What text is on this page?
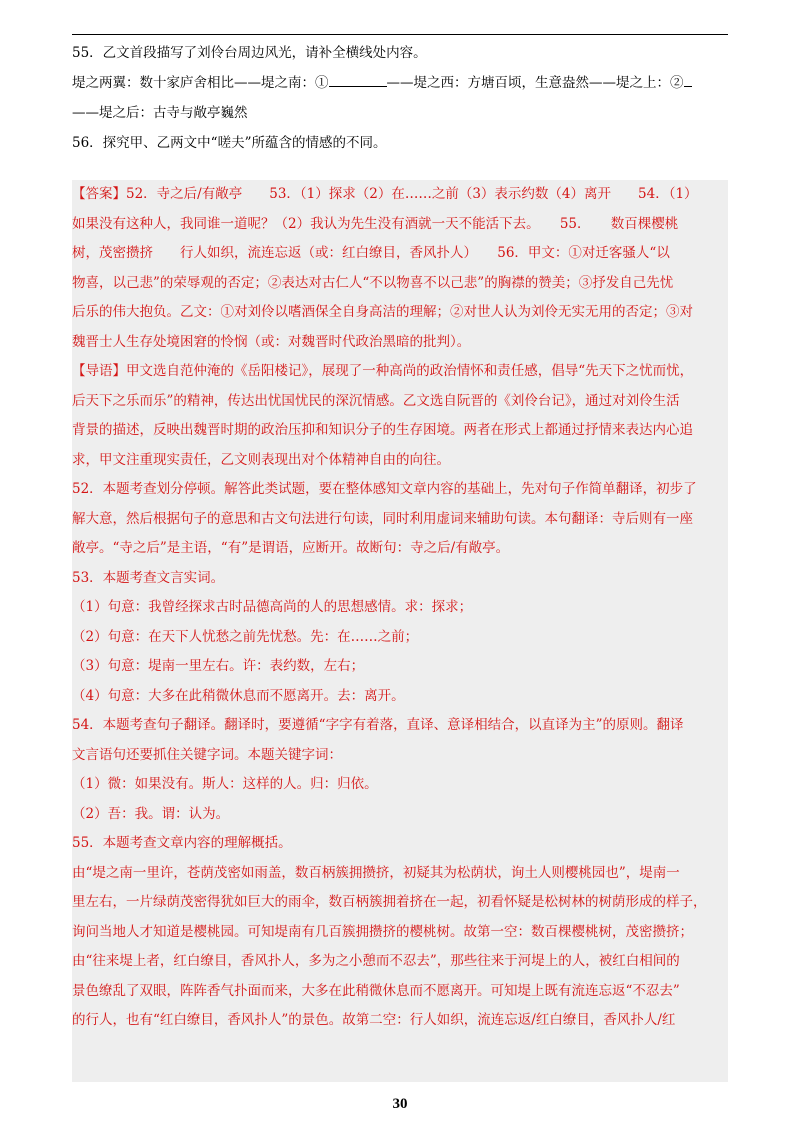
55．乙文首段描写了刘伶台周边风光，请补全横线处内容。

堤之两翼：数十家庐舍相比——堤之南：①	——堤之西：方塘百顷，生意盎然——堤之上：②

——堤之后：古寺与敞亭巍然

56．探究甲、乙两文中“嗟夫”所蕴含的情感的不同。

【答案】52．寺之后/有敞亭　　53．（1）探求（2）在……之前（3）表示约数（4）离开　　54．（1）

如果没有这种人，我同谁一道呢？（2）我认为先生没有酒就一天不能活下去。　　55．　　数百棵樱桃

树，茂密攒挤　　行人如织，流连忘返（或：红白缭目，香风扑人）　　56．甲文：①对迁客骚人“以

物喜，以己悲”的荣辱观的否定；②表达对古仁人“不以物喜不以己悲”的胸襟的赞美；③抒发自己先忧

后乐的伟大抱负。乙文：①对刘伶以嗜酒保全自身高洁的理解；②对世人认为刘伶无实无用的否定；③对

魏晋士人生存处境困窘的怜悯（或：对魏晋时代政治黑暗的批判）。

【导语】甲文选自范仲淹的《岳阳楼记》，展现了一种高尚的政治情怀和责任感，倡导“先天下之忧而忧，

后天下之乐而乐”的精神，传达出忧国忧民的深沉情感。乙文选自阮晋的《刘伶台记》，通过对刘伶生活

背景的描述，反映出魏晋时期的政治压抑和知识分子的生存困境。两者在形式上都通过抒情来表达内心追

求，甲文注重现实责任，乙文则表现出对个体精神自由的向往。

52．本题考查划分停顿。解答此类试题，要在整体感知文章内容的基础上，先对句子作简单翻译，初步了

解大意，然后根据句子的意思和古文句法进行句读，同时利用虚词来辅助句读。本句翻译：寺后则有一座

敞亭。“寺之后”是主语，“有”是谓语，应断开。故断句：寺之后/有敞亭。

53．本题考查文言实词。

（1）句意：我曾经探求古时品德高尚的人的思想感情。求：探求；

（2）句意：在天下人忧愁之前先忧愁。先：在……之前；

（3）句意：堤南一里左右。许：表约数，左右；

（4）句意：大多在此稍微休息而不愿离开。去：离开。

54．本题考查句子翻译。翻译时，要遵循“字字有着落，直译、意译相结合，以直译为主”的原则。翻译

文言语句还要抓住关键字词。本题关键字词：

（1）微：如果没有。斯人：这样的人。归：归依。

（2）吾：我。谓：认为。

55．本题考查文章内容的理解概括。

由“堤之南一里许，苍荫茂密如雨盖，数百柄簇拥攒挤，初疑其为松荫状，询土人则樱桃园也”，堤南一

里左右，一片绿荫茂密得犹如巨大的雨伞，数百柄簇拥着挤在一起，初看怀疑是松树林的树荫形成的样子，

询问当地人才知道是樱桃园。可知堤南有几百簇拥攒挤的樱桃树。故第一空：数百棵樱桃树，茂密攒挤；

由“往来堤上者，红白缭目，香风扑人，多为之小憩而不忍去”，那些往来于河堤上的人，被红白相间的

景色缭乱了双眼，阵阵香气扑面而来，大多在此稍微休息而不愿离开。可知堤上既有流连忘返“不忍去”

的行人，也有“红白缭目，香风扑人”的景色。故第二空：行人如织，流连忘返/红白缭目，香风扑人/红

30
